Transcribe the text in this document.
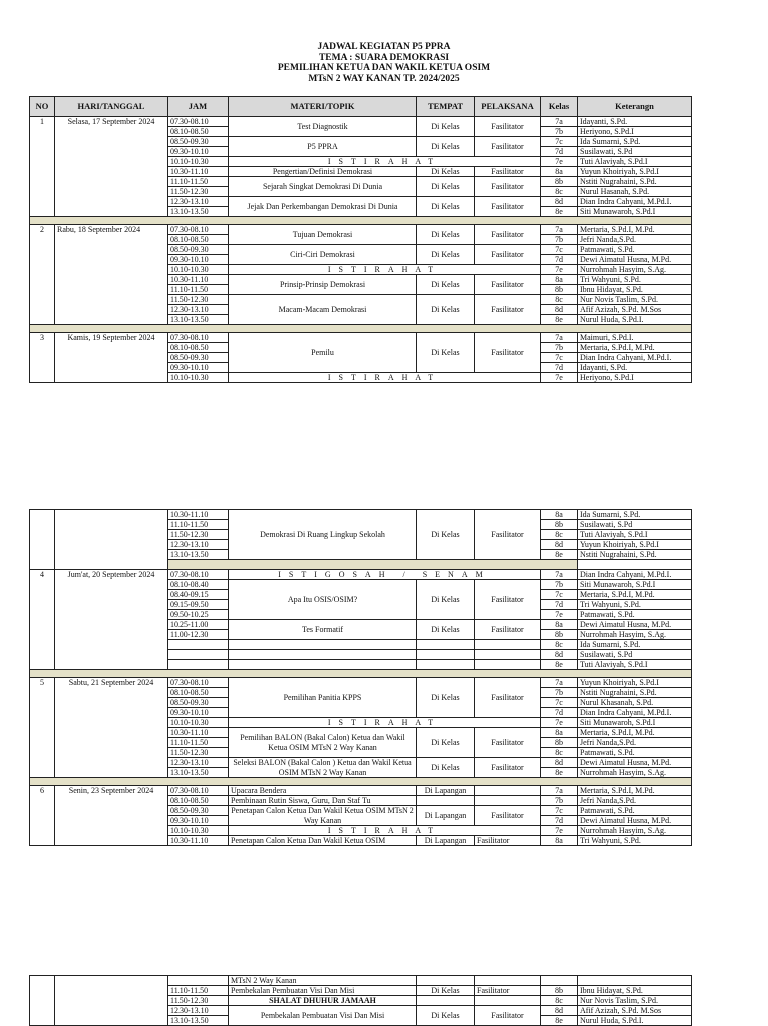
JADWAL KEGIATAN P5 PPRA
TEMA : SUARA DEMOKRASI
PEMILIHAN KETUA DAN WAKIL KETUA OSIM
MTsN 2 WAY KANAN TP. 2024/2025
NO	HARI/TANGGAL	JAM	MATERI/TOPIK	TEMPAT	PELAKSANA	Kelas	Keterangn
1	Selasa, 17 September 2024	07.30-08.10	Test Diagnostik	Di Kelas	Fasilitator	7a	Idayanti, S.Pd.
		08.10-08.50				7b	Heriyono, S.Pd.I
		08.50-09.30	P5 PPRA	Di Kelas	Fasilitator	7c	Ida Sumarni, S.Pd.
		09.30-10.10				7d	Susilawati, S.Pd
		10.10-10.30	ISTIRAHAT			7e	Tuti Alaviyah, S.Pd.I
		10.30-11.10	Pengertian/Definisi Demokrasi	Di Kelas	Fasilitator	8a	Yuyun Khoiriyah, S.Pd.I
		11.10-11.50	Sejarah Singkat Demokrasi Di Dunia	Di Kelas	Fasilitator	8b	Nstiti Nugrahaini, S.Pd.
		11.50-12.30				8c	Nurul Hasanah, S.Pd.
		12.30-13.10	Jejak Dan Perkembangan Demokrasi Di Dunia	Di Kelas	Fasilitator	8d	Dian Indra Cahyani, M.Pd.I.
		13.10-13.50				8e	Siti Munawaroh, S.Pd.I

2	Rabu, 18 September 2024	07.30-08.10	Tujuan Demokrasi	Di Kelas	Fasilitator	7a	Mertaria, S.Pd.I, M.Pd.
		08.10-08.50				7b	Jefri Nanda,S.Pd.
		08.50-09.30	Ciri-Ciri Demokrasi	Di Kelas	Fasilitator	7c	Patmawati, S.Pd.
		09.30-10.10				7d	Dewi Aimatul Husna, M.Pd.
		10.10-10.30	ISTIRAHAT			7e	Nurrohmah Hasyim, S.Ag.
		10.30-11.10	Prinsip-Prinsip Demokrasi	Di Kelas	Fasilitator	8a	Tri Wahyuni, S.Pd.
		11.10-11.50				8b	Ibnu Hidayat, S.Pd.
		11.50-12.30	Macam-Macam Demokrasi	Di Kelas	Fasilitator	8c	Nur Novis Taslim, S.Pd.
		12.30-13.10				8d	Afif Azizah, S.Pd. M.Sos
		13.10-13.50				8e	Nurul Huda, S.Pd.I.

3	Kamis, 19 September 2024	07.30-08.10	Pemilu	Di Kelas	Fasilitator	7a	Maimuri, S.Pd.I.
		08.10-08.50				7b	Mertaria, S.Pd.I, M.Pd.
		08.50-09.30				7c	Dian Indra Cahyani, M.Pd.I.
		09.30-10.10				7d	Idayanti, S.Pd.
		10.10-10.30	ISTIRAHAT			7e	Heriyono, S.Pd.I
		10.30-11.10	Demokrasi Di Ruang Lingkup Sekolah	Di Kelas	Fasilitator	8a	Ida Sumarni, S.Pd.	
		11.10-11.50				8b	Susilawati, S.Pd	
		11.50-12.30				8c	Tuti Alaviyah, S.Pd.I	
		12.30-13.10				8d	Yuyun Khoiriyah, S.Pd.I	
		13.10-13.50				8e	Nstiti Nugrahaini, S.Pd.	

4	Jum'at, 20 September 2024	07.30-08.10	ISTIGOSAH / SENAM			7a	Dian Indra Cahyani, M.Pd.I.	
		08.10-08.40	Apa Itu OSIS/OSIM?	Di Kelas	Fasilitator	7b	Siti Munawaroh, S.Pd.I	
		08.40-09.15				7c	Mertaria, S.Pd.I, M.Pd.	
		09.15-09.50				7d	Tri Wahyuni, S.Pd.	
		09.50-10.25				7e	Patmawati, S.Pd.	
		10.25-11.00	Tes Formatif	Di Kelas	Fasilitator	8a	Dewi Aimatul Husna, M.Pd.	
		11.00-12.30				8b	Nurrohmah Hasyim, S.Ag.	
						8c	Ida Sumarni, S.Pd.	
						8d	Susilawati, S.Pd	
						8e	Tuti Alaviyah, S.Pd.I	

5	Sabtu, 21 September 2024	07.30-08.10	Pemilihan Panitia KPPS	Di Kelas	Fasilitator	7a	Yuyun Khoiriyah, S.Pd.I	
		08.10-08.50				7b	Nstiti Nugrahaini, S.Pd.	
		08.50-09.30				7c	Nurul Khasanah, S.Pd.	
		09.30-10.10				7d	Dian Indra Cahyani, M.Pd.I.	
		10.10-10.30	ISTIRAHAT			7e	Siti Munawaroh, S.Pd.I	
		10.30-11.10	Pemilihan BALON (Bakal Calon) Ketua dan Wakil Ketua OSIM MTsN 2 Way Kanan	Di Kelas	Fasilitator	8a	Mertaria, S.Pd.I, M.Pd.	
		11.10-11.50				8b	Jefri Nanda,S.Pd.	
		11.50-12.30				8c	Patmawati, S.Pd.	
		12.30-13.10	Seleksi BALON (Bakal Calon ) Ketua dan Wakil Ketua OSIM MTsN 2 Way Kanan	Di Kelas	Fasilitator	8d	Dewi Aimatul Husna, M.Pd.	
		13.10-13.50				8e	Nurrohmah Hasyim, S.Ag.	

6	Senin, 23 September 2024	07.30-08.10	Upacara Bendera	Di Lapangan		7a	Mertaria, S.Pd.I, M.Pd.	
		08.10-08.50	Pembinaan Rutin Siswa, Guru, Dan Staf Tu			7b	Jefri Nanda,S.Pd.	
		08.50-09.30	Penetapan Calon Ketua Dan Wakil Ketua OSIM MTsN 2 Way Kanan	Di Lapangan	Fasilitator	7c	Patmawati, S.Pd.	
		09.30-10.10				7d	Dewi Aimatul Husna, M.Pd.	
		10.10-10.30	ISTIRAHAT			7e	Nurrohmah Hasyim, S.Ag.	
		10.30-11.10	Penetapan Calon Ketua Dan Wakil Ketua OSIM	Di Lapangan	Fasilitator	8a	Tri Wahyuni, S.Pd.	
			MTsN 2 Way Kanan				
		11.10-11.50	Pembekalan Pembuatan Visi Dan Misi	Di Kelas	Fasilitator	8b	Ibnu Hidayat, S.Pd.
		11.50-12.30	SHALAT DHUHUR JAMAAH			8c	Nur Novis Taslim, S.Pd.
		12.30-13.10	Pembekalan Pembuatan Visi Dan Misi	Di Kelas	Fasilitator	8d	Afif Azizah, S.Pd. M.Sos
		13.10-13.50				8e	Nurul Huda, S.Pd.I.
